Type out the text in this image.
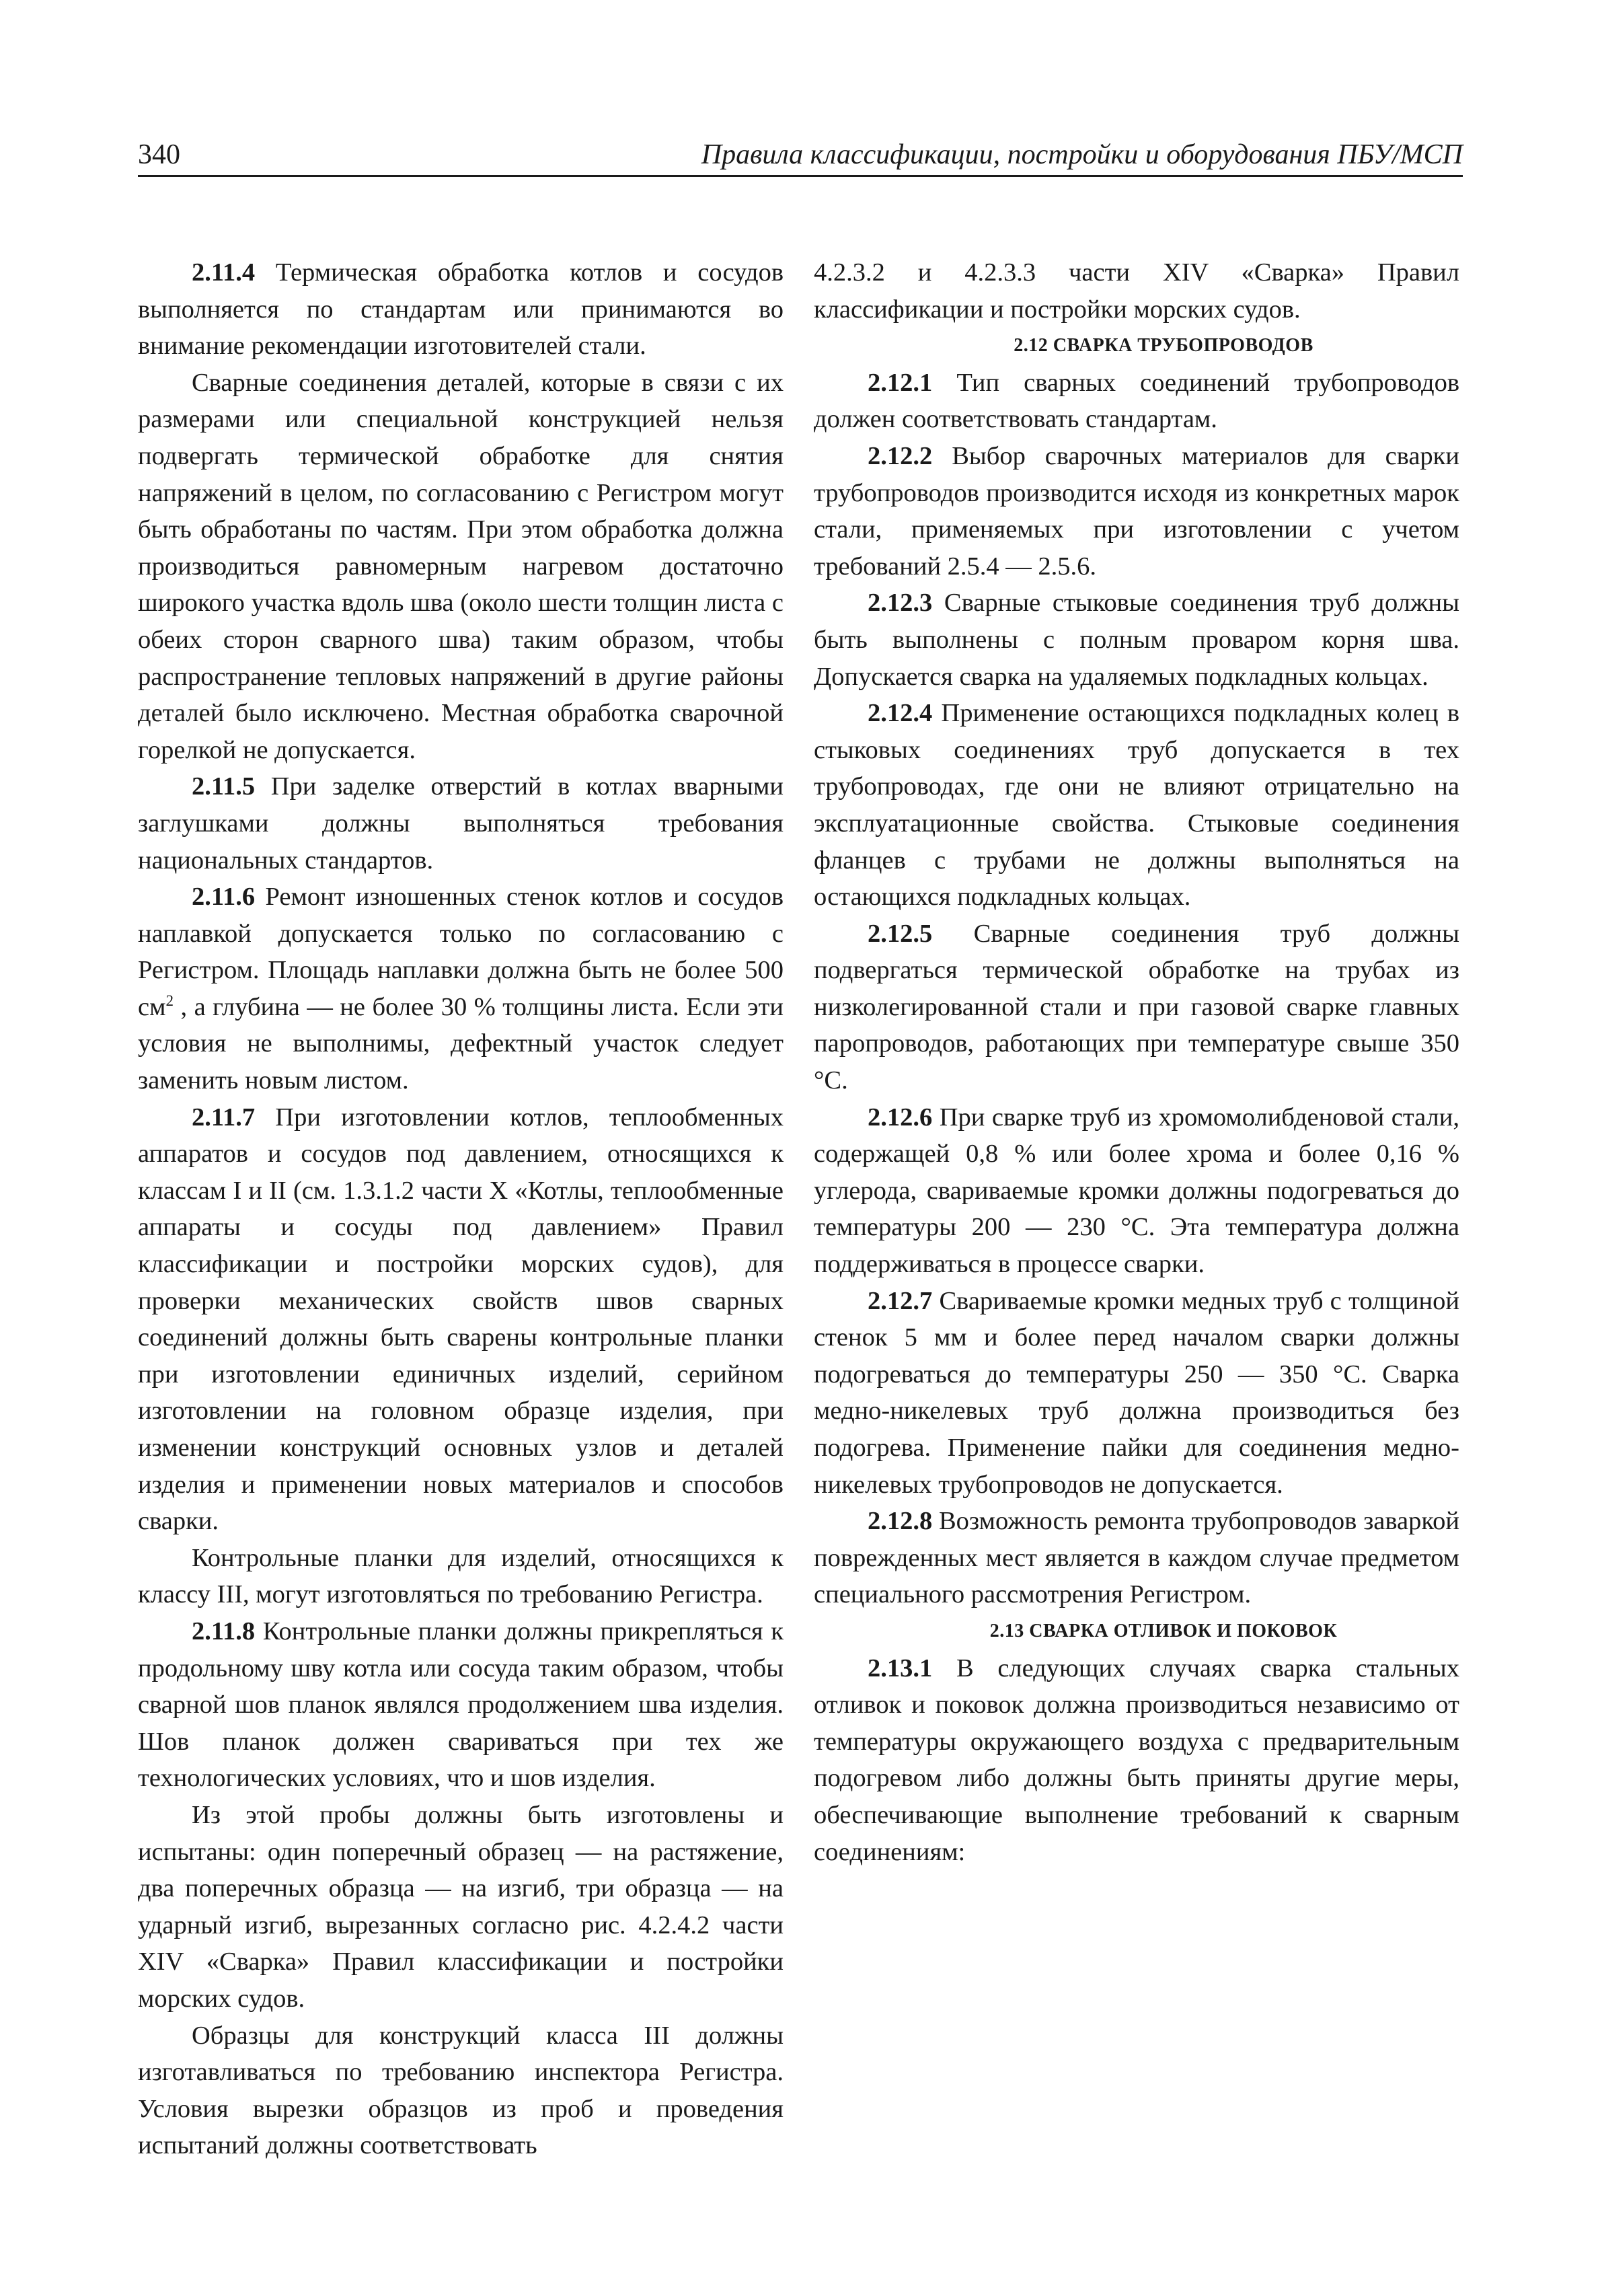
340	Правила классификации, постройки и оборудования ПБУ/МСП

2.11.4 Термическая обработка котлов и сосудов выполняется по стандартам или принимаются во внимание рекомендации изготовителей стали.

Сварные соединения деталей, которые в связи с их размерами или специальной конструкцией нельзя подвергать термической обработке для снятия напряжений в целом, по согласованию с Регистром могут быть обработаны по частям. При этом обработка должна производиться равномерным нагревом достаточно широкого участка вдоль шва (около шести толщин листа с обеих сторон сварного шва) таким образом, чтобы распространение тепловых напряжений в другие районы деталей было исключено. Местная обработка сварочной горелкой не допускается.

2.11.5 При заделке отверстий в котлах вварными заглушками должны выполняться требования национальных стандартов.

2.11.6 Ремонт изношенных стенок котлов и сосудов наплавкой допускается только по согласованию с Регистром. Площадь наплавки должна быть не более 500 $см^2$ , а глубина — не более 30 % толщины листа. Если эти условия не выполнимы, дефектный участок следует заменить новым листом.

2.11.7 При изготовлении котлов, теплообменных аппаратов и сосудов под давлением, относящихся к классам I и II (см. 1.3.1.2 части X «Котлы, теплообменные аппараты и сосуды под давлением» Правил классификации и постройки морских судов), для проверки механических свойств швов сварных соединений должны быть сварены контрольные планки при изготовлении единичных изделий, серийном изготовлении на головном образце изделия, при изменении конструкций основных узлов и деталей изделия и применении новых материалов и способов сварки.

Контрольные планки для изделий, относящихся к классу III, могут изготовляться по требованию Регистра.

2.11.8 Контрольные планки должны прикрепляться к продольному шву котла или сосуда таким образом, чтобы сварной шов планок являлся продолжением шва изделия. Шов планок должен свариваться при тех же технологических условиях, что и шов изделия.

Из этой пробы должны быть изготовлены и испытаны: один поперечный образец — на растяжение, два поперечных образца — на изгиб, три образца — на ударный изгиб, вырезанных согласно рис. 4.2.4.2 части XIV «Сварка» Правил классификации и постройки морских судов.

Образцы для конструкций класса III должны изготавливаться по требованию инспектора Регистра. Условия вырезки образцов из проб и проведения испытаний должны соответствовать

4.2.3.2 и 4.2.3.3 части XIV «Сварка» Правил классификации и постройки морских судов.

2.12 СВАРКА ТРУБОПРОВОДОВ

2.12.1 Тип сварных соединений трубопроводов должен соответствовать стандартам.

2.12.2 Выбор сварочных материалов для сварки трубопроводов производится исходя из конкретных марок стали, применяемых при изготовлении с учетом требований 2.5.4 — 2.5.6.

2.12.3 Сварные стыковые соединения труб должны быть выполнены с полным проваром корня шва. Допускается сварка на удаляемых подкладных кольцах.

2.12.4 Применение остающихся подкладных колец в стыковых соединениях труб допускается в тех трубопроводах, где они не влияют отрицательно на эксплуатационные свойства. Стыковые соединения фланцев с трубами не должны выполняться на остающихся подкладных кольцах.

2.12.5 Сварные соединения труб должны подвергаться термической обработке на трубах из низколегированной стали и при газовой сварке главных паропроводов, работающих при температуре свыше 350 °С.

2.12.6 При сварке труб из хромомолибденовой стали, содержащей 0,8 % или более хрома и более 0,16 % углерода, свариваемые кромки должны подогреваться до температуры 200 — 230 °С. Эта температура должна поддерживаться в процессе сварки.

2.12.7 Свариваемые кромки медных труб с толщиной стенок 5 мм и более перед началом сварки должны подогреваться до температуры 250 — 350 °С. Сварка медно-никелевых труб должна производиться без подогрева. Применение пайки для соединения медно-никелевых трубопроводов не допускается.

2.12.8 Возможность ремонта трубопроводов заваркой поврежденных мест является в каждом случае предметом специального рассмотрения Регистром.

2.13 СВАРКА ОТЛИВОК И ПОКОВОК

2.13.1 В следующих случаях сварка стальных отливок и поковок должна производиться независимо от температуры окружающего воздуха с предварительным подогревом либо должны быть приняты другие меры, обеспечивающие выполнение требований к сварным соединениям:
